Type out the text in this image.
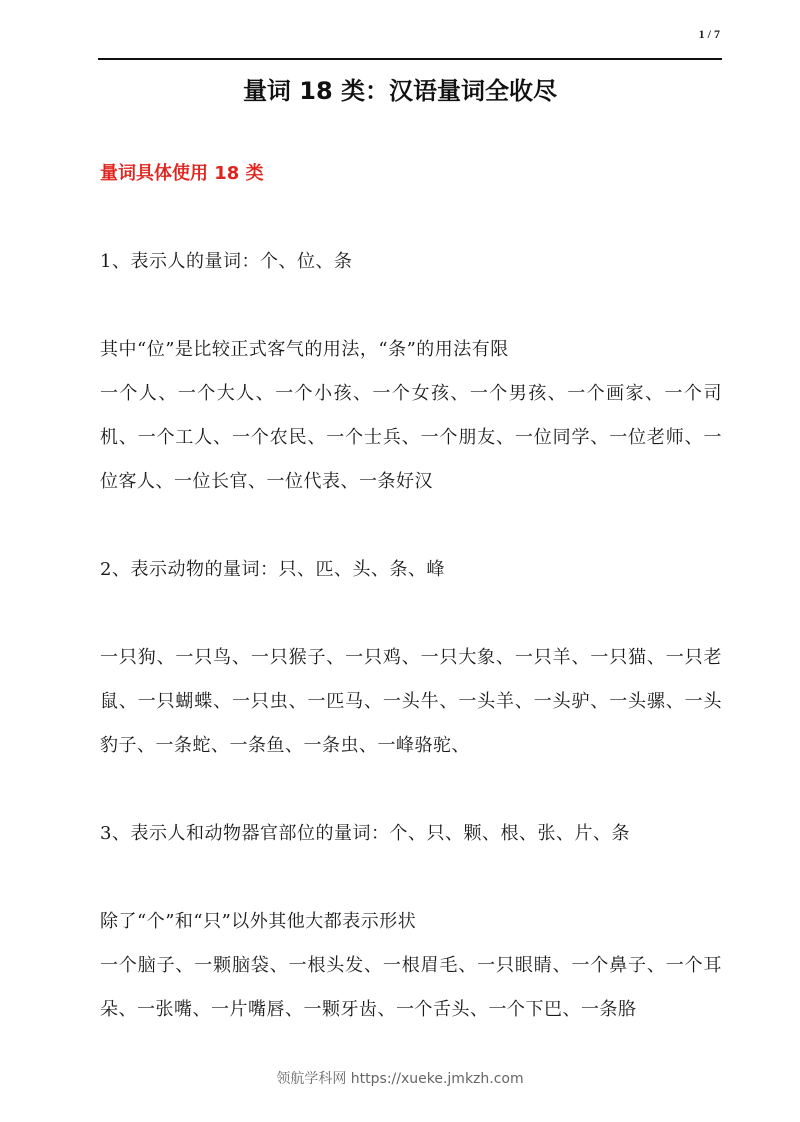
1 / 7
量词 18 类：汉语量词全收尽
量词具体使用 18 类

1、表示人的量词：个、位、条

其中“位”是比较正式客气的用法，“条”的用法有限

一个人、一个大人、一个小孩、一个女孩、一个男孩、一个画家、一个司机、一个工人、一个农民、一个士兵、一个朋友、一位同学、一位老师、一位客人、一位长官、一位代表、一条好汉

2、表示动物的量词：只、匹、头、条、峰

一只狗、一只鸟、一只猴子、一只鸡、一只大象、一只羊、一只猫、一只老鼠、一只蝴蝶、一只虫、一匹马、一头牛、一头羊、一头驴、一头骡、一头豹子、一条蛇、一条鱼、一条虫、一峰骆驼、

3、表示人和动物器官部位的量词：个、只、颗、根、张、片、条

除了“个”和“只”以外其他大都表示形状

一个脑子、一颗脑袋、一根头发、一根眉毛、一只眼睛、一个鼻子、一个耳朵、一张嘴、一片嘴唇、一颗牙齿、一个舌头、一个下巴、一条胳

领航学科网 https://xueke.jmkzh.com
